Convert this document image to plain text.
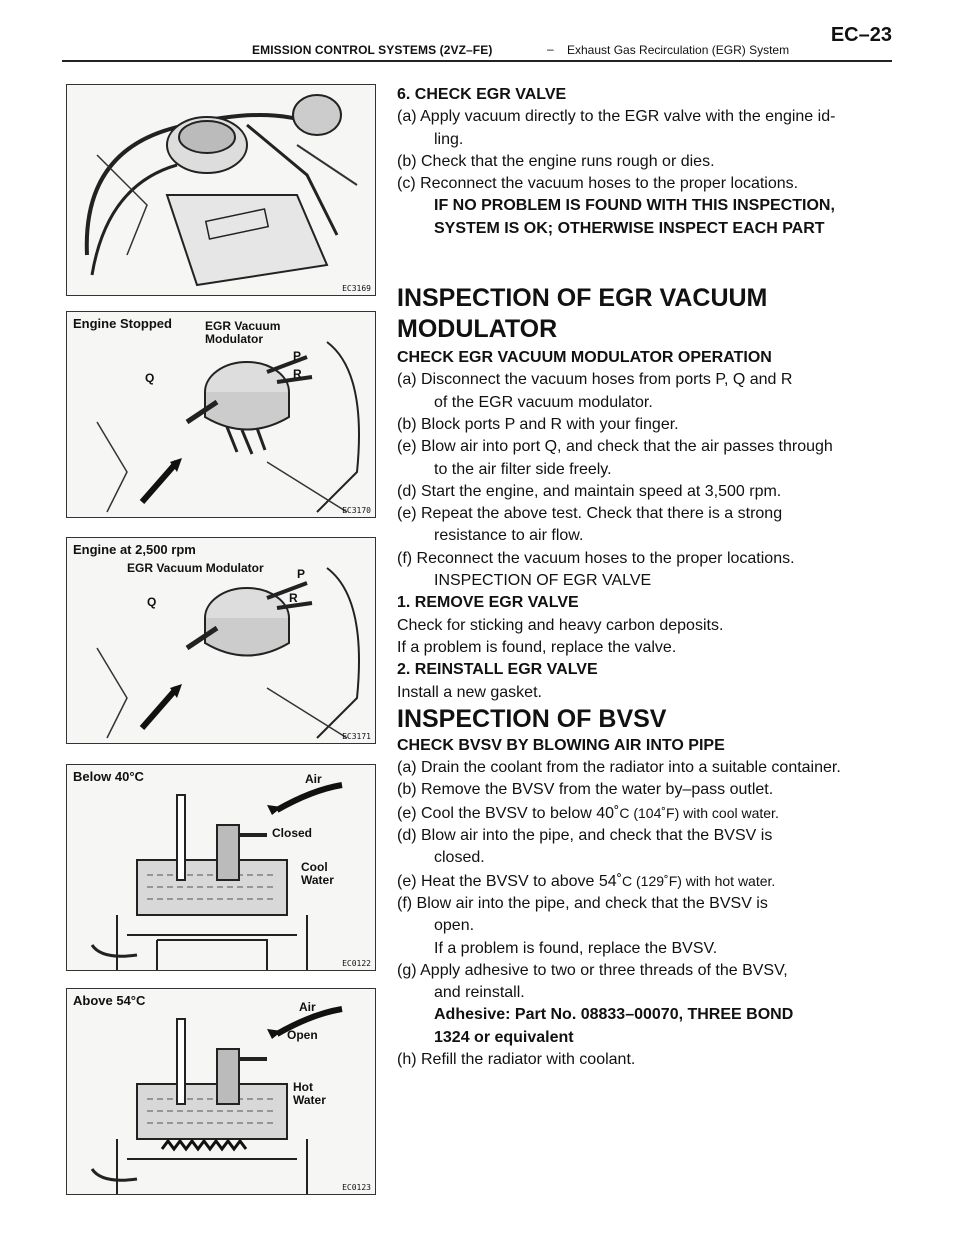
EMISSION CONTROL SYSTEMS (2VZ–FE)	– Exhaust Gas Recirculation (EGR) System
EC–23
EC3169
Engine Stopped	EGR Vacuum
Modulator
P
Q	R
EC3170
Engine at 2,500 rpm
EGR Vacuum Modulator	P
Q	R
EC3171
Below 40°C	Air
Closed
Cool
Water
EC0122
Above 54°C	Air
Open
Hot
Water
EC0123

6. CHECK EGR VALVE

(a) Apply vacuum directly to the EGR valve with the engine id-

ling.

(b) Check that the engine runs rough or dies.

(c) Reconnect the vacuum hoses to the proper locations.

IF NO PROBLEM IS FOUND WITH THIS INSPECTION,

SYSTEM IS OK; OTHERWISE INSPECT EACH PART

INSPECTION OF EGR VACUUM

MODULATOR

CHECK EGR VACUUM MODULATOR OPERATION

(a) Disconnect the vacuum hoses from ports P, Q and R

of the EGR vacuum modulator.

(b) Block ports P and R with your finger.

(e) Blow air into port Q, and check that the air passes through

to the air filter side freely.

(d) Start the engine, and maintain speed at 3,500 rpm.

(e) Repeat the above test. Check that there is a strong

resistance to air flow.

(f) Reconnect the vacuum hoses to the proper locations.

INSPECTION OF EGR VALVE

1. REMOVE EGR VALVE

Check for sticking and heavy carbon deposits.

If a problem is found, replace the valve.

2. REINSTALL EGR VALVE

Install a new gasket.

INSPECTION OF BVSV

CHECK BVSV BY BLOWING AIR INTO PIPE

(a) Drain the coolant from the radiator into a suitable container.

(b) Remove the BVSV from the water by–pass outlet.

(e) Cool the BVSV to below 40˚C (104˚F) with cool water.

(d) Blow air into the pipe, and check that the BVSV is

closed.

(e) Heat the BVSV to above 54˚C (129˚F) with hot water.

(f) Blow air into the pipe, and check that the BVSV is

open.

If a problem is found, replace the BVSV.

(g) Apply adhesive to two or three threads of the BVSV,

and reinstall.

Adhesive: Part No. 08833–00070, THREE BOND

1324 or equivalent

(h) Refill the radiator with coolant.
